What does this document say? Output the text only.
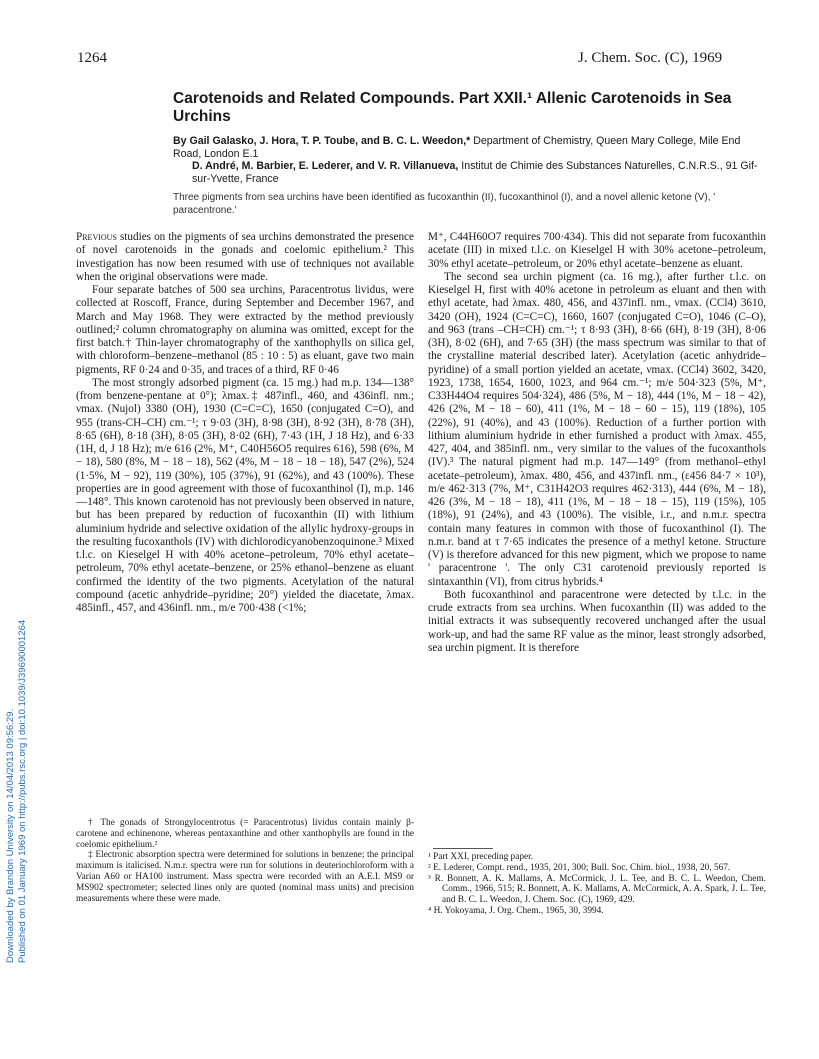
1264	J. Chem. Soc. (C), 1969
Carotenoids and Related Compounds. Part XXII.¹ Allenic Carotenoids in Sea Urchins
By Gail Galasko, J. Hora, T. P. Toube, and B. C. L. Weedon,* Department of Chemistry, Queen Mary College, Mile End Road, London E.1
D. André, M. Barbier, E. Lederer, and V. R. Villanueva, Institut de Chimie des Substances Naturelles, C.N.R.S., 91 Gif-sur-Yvette, France
Three pigments from sea urchins have been identified as fucoxanthin (II), fucoxanthinol (I), and a novel allenic ketone (V), ' paracentrone.'

Previous studies on the pigments of sea urchins demonstrated the presence of novel carotenoids in the gonads and coelomic epithelium.² This investigation has now been resumed with use of techniques not available when the original observations were made.

Four separate batches of 500 sea urchins, Paracentrotus lividus, were collected at Roscoff, France, during September and December 1967, and March and May 1968. They were extracted by the method previously outlined;² column chromatography on alumina was omitted, except for the first batch.† Thin-layer chromatography of the xanthophylls on silica gel, with chloroform–benzene–methanol (85 : 10 : 5) as eluant, gave two main pigments, RF 0·24 and 0·35, and traces of a third, RF 0·46

The most strongly adsorbed pigment (ca. 15 mg.) had m.p. 134—138° (from benzene-pentane at 0°); λmax.‡ 487infl., 460, and 436infl. nm.; νmax. (Nujol) 3380 (OH), 1930 (C=C=C), 1650 (conjugated C=O), and 955 (trans-CH–CH) cm.⁻¹; τ 9·03 (3H), 8·98 (3H), 8·92 (3H), 8·78 (3H), 8·65 (6H), 8·18 (3H), 8·05 (3H), 8·02 (6H), 7·43 (1H, J 18 Hz), and 6·33 (1H, d, J 18 Hz); m/e 616 (2%, M⁺, C40H56O5 requires 616), 598 (6%, M − 18), 580 (8%, M − 18 − 18), 562 (4%, M − 18 − 18 − 18), 547 (2%), 524 (1·5%, M − 92), 119 (30%), 105 (37%), 91 (62%), and 43 (100%). These properties are in good agreement with those of fucoxanthinol (I), m.p. 146—148°. This known carotenoid has not previously been observed in nature, but has been prepared by reduction of fucoxanthin (II) with lithium aluminium hydride and selective oxidation of the allylic hydroxy-groups in the resulting fucoxanthols (IV) with dichlorodicyanobenzoquinone.³ Mixed t.l.c. on Kieselgel H with 40% acetone–petroleum, 70% ethyl acetate–petroleum, 70% ethyl acetate–benzene, or 25% ethanol–benzene as eluant confirmed the identity of the two pigments. Acetylation of the natural compound (acetic anhydride–pyridine; 20°) yielded the diacetate, λmax. 485infl., 457, and 436infl. nm., m/e 700·438 (<1%;

M⁺, C44H60O7 requires 700·434). This did not separate from fucoxanthin acetate (III) in mixed t.l.c. on Kieselgel H with 30% acetone–petroleum, 30% ethyl acetate–petroleum, or 20% ethyl acetate–benzene as eluant.

The second sea urchin pigment (ca. 16 mg.), after further t.l.c. on Kieselgel H, first with 40% acetone in petroleum as eluant and then with ethyl acetate, had λmax. 480, 456, and 437infl. nm., νmax. (CCl4) 3610, 3420 (OH), 1924 (C=C=C), 1660, 1607 (conjugated C=O), 1046 (C–O), and 963 (trans –CH=CH) cm.⁻¹; τ 8·93 (3H), 8·66 (6H), 8·19 (3H), 8·06 (3H), 8·02 (6H), and 7·65 (3H) (the mass spectrum was similar to that of the crystalline material described later). Acetylation (acetic anhydride–pyridine) of a small portion yielded an acetate, νmax. (CCl4) 3602, 3420, 1923, 1738, 1654, 1600, 1023, and 964 cm.⁻¹; m/e 504·323 (5%, M⁺, C33H44O4 requires 504·324), 486 (5%, M − 18), 444 (1%, M − 18 − 42), 426 (2%, M − 18 − 60), 411 (1%, M − 18 − 60 − 15), 119 (18%), 105 (22%), 91 (40%), and 43 (100%). Reduction of a further portion with lithium aluminium hydride in ether furnished a product with λmax. 455, 427, 404, and 385infl. nm., very similar to the values of the fucoxanthols (IV).³ The natural pigment had m.p. 147—149° (from methanol–ethyl acetate–petroleum), λmax. 480, 456, and 437infl. nm., (ε456 84·7 × 10³), m/e 462·313 (7%, M⁺, C31H42O3 requires 462·313), 444 (6%, M − 18), 426 (3%, M − 18 − 18), 411 (1%, M − 18 − 18 − 15), 119 (15%), 105 (18%), 91 (24%), and 43 (100%). The visible, i.r., and n.m.r. spectra contain many features in common with those of fucoxanthinol (I). The n.m.r. band at τ 7·65 indicates the presence of a methyl ketone. Structure (V) is therefore advanced for this new pigment, which we propose to name ' paracentrone '. The only C31 carotenoid previously reported is sintaxanthin (VI), from citrus hybrids.⁴

Both fucoxanthinol and paracentrone were detected by t.l.c. in the crude extracts from sea urchins. When fucoxanthin (II) was added to the initial extracts it was subsequently recovered unchanged after the usual work-up, and had the same RF value as the minor, least strongly adsorbed, sea urchin pigment. It is therefore

† The gonads of Strongylocentrotus (= Paracentrotus) lividus contain mainly β-carotene and echinenone, whereas pentaxanthine and other xanthophylls are found in the coelomic epithelium.²

‡ Electronic absorption spectra were determined for solutions in benzene; the principal maximum is italicised. N.m.r. spectra were run for solutions in deuteriochloroform with a Varian A60 or HA100 instrument. Mass spectra were recorded with an A.E.I. MS9 or MS902 spectrometer; selected lines only are quoted (nominal mass units) and precision measurements where these were made.

¹ Part XXI, preceding paper.

² E. Lederer, Compt. rend., 1935, 201, 300; Bull. Soc. Chim. biol., 1938, 20, 567.

³ R. Bonnett, A. K. Mallams, A. McCormick, J. L. Tee, and B. C. L. Weedon, Chem. Comm., 1966, 515; R. Bonnett, A. K. Mallams, A. McCormick, A. A. Spark, J. L. Tee, and B. C. L. Weedon, J. Chem. Soc. (C), 1969, 429.

⁴ H. Yokoyama, J. Org. Chem., 1965, 30, 3994.

Downloaded by Brandon University on 14/04/2013 09:56:29. Published on 01 January 1969 on http://pubs.rsc.org | doi:10.1039/J39690001264
